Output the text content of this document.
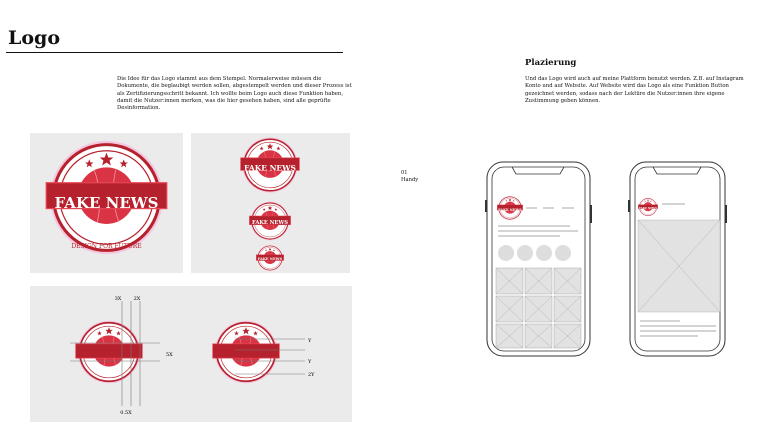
Logo
Die Idee für das Logo stammt aus dem Stempel. Normalerweise müssen die Dokumente, die beglaubigt werden sollen, abgestempelt werden und dieser Prozess ist als Zertifizierungsschritt bekannt. Ich wollte beim Logo auch diese Funktion haben, damit die Nutzer:innen merken, was die hier gesehen haben, sind alle geprüfte Desinformation.
Plazierung
Und das Logo wird auch auf meine Plattform benutzt werden. Z.B. auf Instagram Konto und auf Website. Auf Website wird das Logo als eine Funktion Button gezeichnet werden, sodass nach der Lektüre die Nutzer:innen ihre eigene Zustimmung geben können.
01
Handy
FAKE NEWS
DESIGN FOR FUTURE
FAKE NEWS
FAKE NEWS
FAKE NEWS
3X 2X
5X
0.5X
Y
Y
2Y
FAKE NEWS	FAKE NEWS
